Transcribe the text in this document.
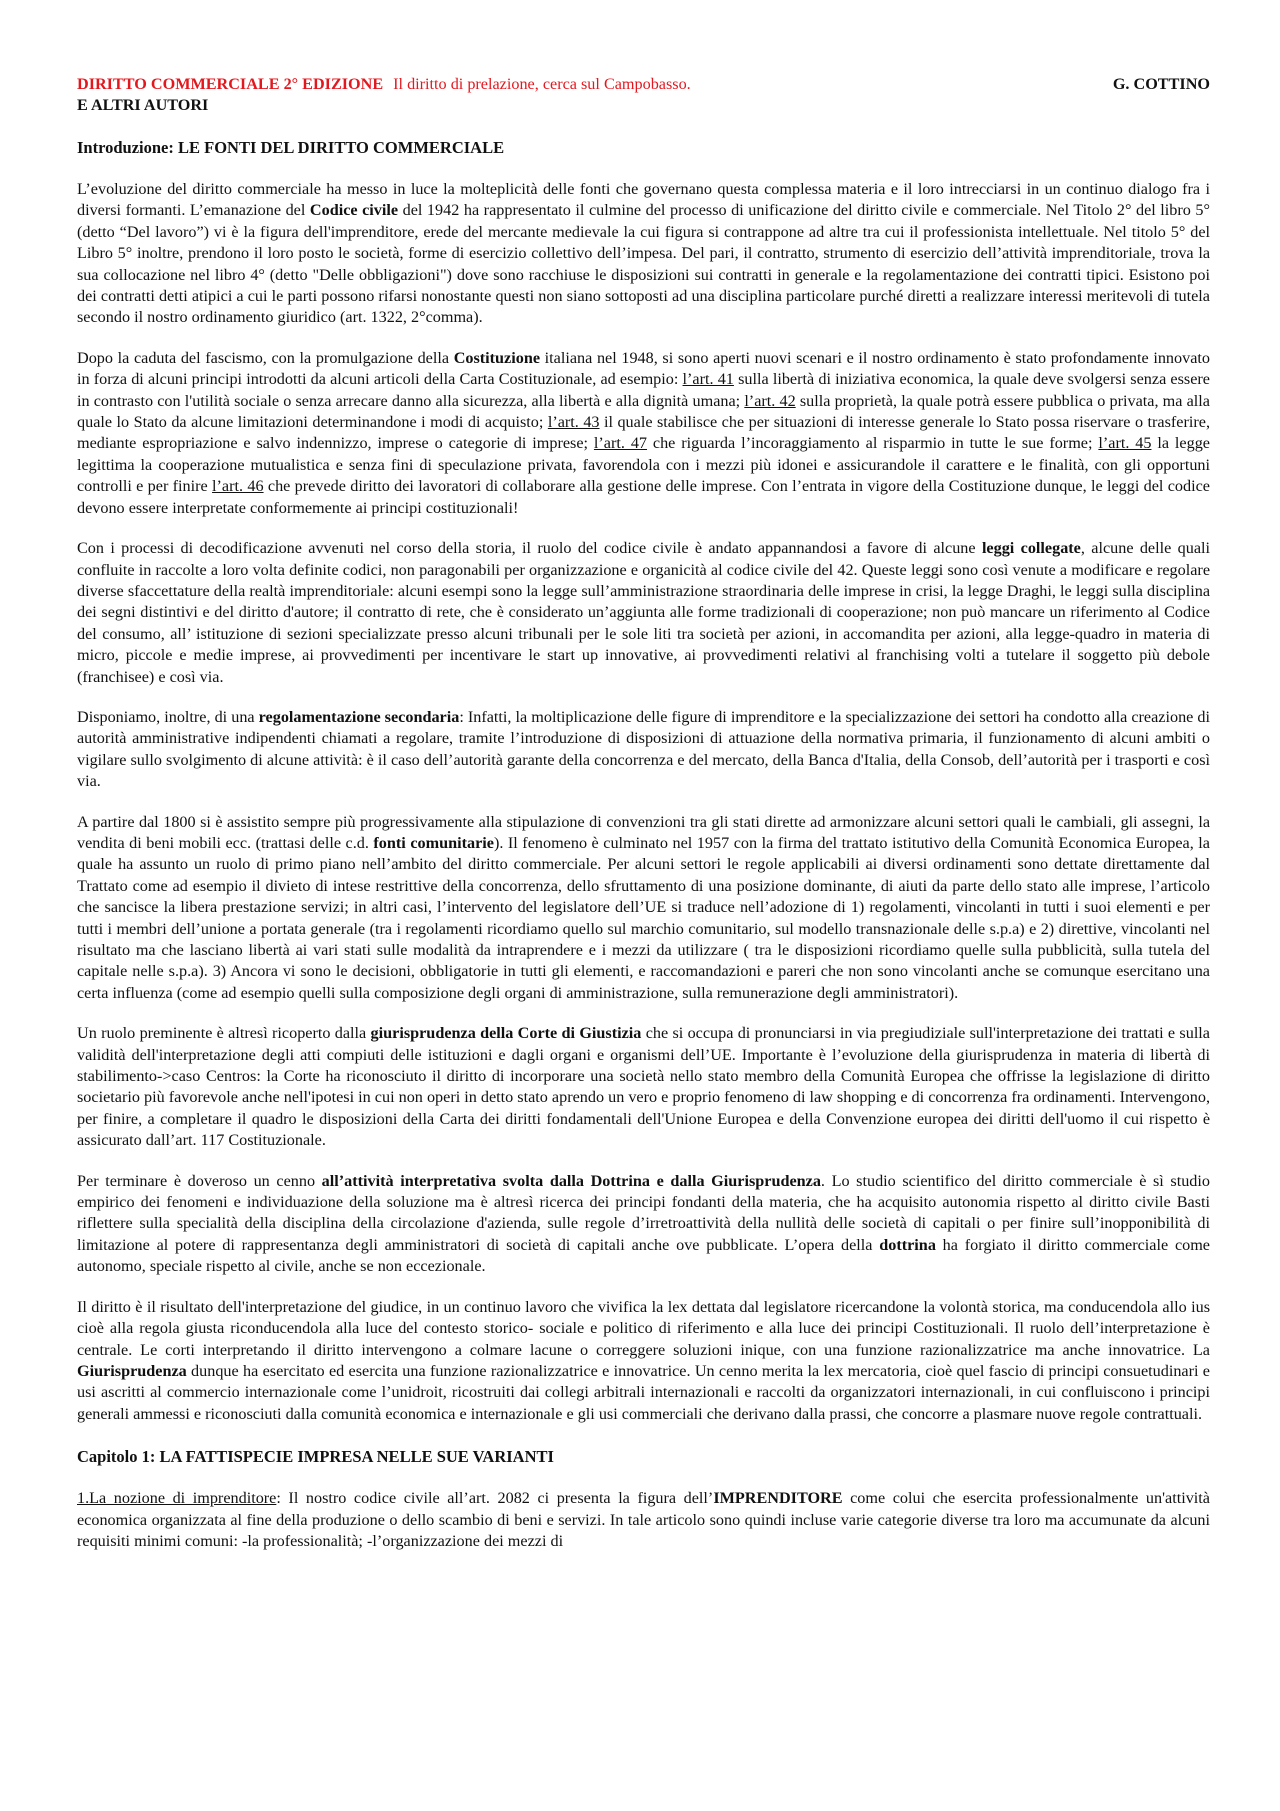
DIRITTO COMMERCIALE 2° EDIZIONE Il diritto di prelazione, cerca sul Campobasso.	G. COTTINO
E ALTRI AUTORI
Introduzione: LE FONTI DEL DIRITTO COMMERCIALE

L’evoluzione del diritto commerciale ha messo in luce la molteplicità delle fonti che governano questa complessa materia e il loro intrecciarsi in un continuo dialogo fra i diversi formanti. L’emanazione del Codice civile del 1942 ha rappresentato il culmine del processo di unificazione del diritto civile e commerciale. Nel Titolo 2° del libro 5° (detto “Del lavoro”) vi è la figura dell'imprenditore, erede del mercante medievale la cui figura si contrappone ad altre tra cui il professionista intellettuale. Nel titolo 5° del Libro 5° inoltre, prendono il loro posto le società, forme di esercizio collettivo dell’impesa. Del pari, il contratto, strumento di esercizio dell’attività imprenditoriale, trova la sua collocazione nel libro 4° (detto "Delle obbligazioni") dove sono racchiuse le disposizioni sui contratti in generale e la regolamentazione dei contratti tipici. Esistono poi dei contratti detti atipici a cui le parti possono rifarsi nonostante questi non siano sottoposti ad una disciplina particolare purché diretti a realizzare interessi meritevoli di tutela secondo il nostro ordinamento giuridico (art. 1322, 2°comma).

Dopo la caduta del fascismo, con la promulgazione della Costituzione italiana nel 1948, si sono aperti nuovi scenari e il nostro ordinamento è stato profondamente innovato in forza di alcuni principi introdotti da alcuni articoli della Carta Costituzionale, ad esempio: l’art. 41 sulla libertà di iniziativa economica, la quale deve svolgersi senza essere in contrasto con l'utilità sociale o senza arrecare danno alla sicurezza, alla libertà e alla dignità umana; l’art. 42 sulla proprietà, la quale potrà essere pubblica o privata, ma alla quale lo Stato da alcune limitazioni determinandone i modi di acquisto; l’art. 43 il quale stabilisce che per situazioni di interesse generale lo Stato possa riservare o trasferire, mediante espropriazione e salvo indennizzo, imprese o categorie di imprese; l’art. 47 che riguarda l’incoraggiamento al risparmio in tutte le sue forme; l’art. 45 la legge legittima la cooperazione mutualistica e senza fini di speculazione privata, favorendola con i mezzi più idonei e assicurandole il carattere e le finalità, con gli opportuni controlli e per finire l’art. 46 che prevede diritto dei lavoratori di collaborare alla gestione delle imprese. Con l’entrata in vigore della Costituzione dunque, le leggi del codice devono essere interpretate conformemente ai principi costituzionali!

Con i processi di decodificazione avvenuti nel corso della storia, il ruolo del codice civile è andato appannandosi a favore di alcune leggi collegate, alcune delle quali confluite in raccolte a loro volta definite codici, non paragonabili per organizzazione e organicità al codice civile del 42. Queste leggi sono così venute a modificare e regolare diverse sfaccettature della realtà imprenditoriale: alcuni esempi sono la legge sull’amministrazione straordinaria delle imprese in crisi, la legge Draghi, le leggi sulla disciplina dei segni distintivi e del diritto d'autore; il contratto di rete, che è considerato un’aggiunta alle forme tradizionali di cooperazione; non può mancare un riferimento al Codice del consumo, all’ istituzione di sezioni specializzate presso alcuni tribunali per le sole liti tra società per azioni, in accomandita per azioni, alla legge-quadro in materia di micro, piccole e medie imprese, ai provvedimenti per incentivare le start up innovative, ai provvedimenti relativi al franchising volti a tutelare il soggetto più debole (franchisee) e così via.

Disponiamo, inoltre, di una regolamentazione secondaria: Infatti, la moltiplicazione delle figure di imprenditore e la specializzazione dei settori ha condotto alla creazione di autorità amministrative indipendenti chiamati a regolare, tramite l’introduzione di disposizioni di attuazione della normativa primaria, il funzionamento di alcuni ambiti o vigilare sullo svolgimento di alcune attività: è il caso dell’autorità garante della concorrenza e del mercato, della Banca d'Italia, della Consob, dell’autorità per i trasporti e così via.

A partire dal 1800 si è assistito sempre più progressivamente alla stipulazione di convenzioni tra gli stati dirette ad armonizzare alcuni settori quali le cambiali, gli assegni, la vendita di beni mobili ecc. (trattasi delle c.d. fonti comunitarie). Il fenomeno è culminato nel 1957 con la firma del trattato istitutivo della Comunità Economica Europea, la quale ha assunto un ruolo di primo piano nell’ambito del diritto commerciale. Per alcuni settori le regole applicabili ai diversi ordinamenti sono dettate direttamente dal Trattato come ad esempio il divieto di intese restrittive della concorrenza, dello sfruttamento di una posizione dominante, di aiuti da parte dello stato alle imprese, l’articolo che sancisce la libera prestazione servizi; in altri casi, l’intervento del legislatore dell’UE si traduce nell’adozione di 1) regolamenti, vincolanti in tutti i suoi elementi e per tutti i membri dell’unione a portata generale (tra i regolamenti ricordiamo quello sul marchio comunitario, sul modello transnazionale delle s.p.a) e 2) direttive, vincolanti nel risultato ma che lasciano libertà ai vari stati sulle modalità da intraprendere e i mezzi da utilizzare ( tra le disposizioni ricordiamo quelle sulla pubblicità, sulla tutela del capitale nelle s.p.a). 3) Ancora vi sono le decisioni, obbligatorie in tutti gli elementi, e raccomandazioni e pareri che non sono vincolanti anche se comunque esercitano una certa influenza (come ad esempio quelli sulla composizione degli organi di amministrazione, sulla remunerazione degli amministratori).

Un ruolo preminente è altresì ricoperto dalla giurisprudenza della Corte di Giustizia che si occupa di pronunciarsi in via pregiudiziale sull'interpretazione dei trattati e sulla validità dell'interpretazione degli atti compiuti delle istituzioni e dagli organi e organismi dell’UE. Importante è l’evoluzione della giurisprudenza in materia di libertà di stabilimento->caso Centros: la Corte ha riconosciuto il diritto di incorporare una società nello stato membro della Comunità Europea che offrisse la legislazione di diritto societario più favorevole anche nell'ipotesi in cui non operi in detto stato aprendo un vero e proprio fenomeno di law shopping e di concorrenza fra ordinamenti. Intervengono, per finire, a completare il quadro le disposizioni della Carta dei diritti fondamentali dell'Unione Europea e della Convenzione europea dei diritti dell'uomo il cui rispetto è assicurato dall’art. 117 Costituzionale.

Per terminare è doveroso un cenno all’attività interpretativa svolta dalla Dottrina e dalla Giurisprudenza. Lo studio scientifico del diritto commerciale è sì studio empirico dei fenomeni e individuazione della soluzione ma è altresì ricerca dei principi fondanti della materia, che ha acquisito autonomia rispetto al diritto civile Basti riflettere sulla specialità della disciplina della circolazione d'azienda, sulle regole d’irretroattività della nullità delle società di capitali o per finire sull’inopponibilità di limitazione al potere di rappresentanza degli amministratori di società di capitali anche ove pubblicate. L’opera della dottrina ha forgiato il diritto commerciale come autonomo, speciale rispetto al civile, anche se non eccezionale.

Il diritto è il risultato dell'interpretazione del giudice, in un continuo lavoro che vivifica la lex dettata dal legislatore ricercandone la volontà storica, ma conducendola allo ius cioè alla regola giusta riconducendola alla luce del contesto storico- sociale e politico di riferimento e alla luce dei principi Costituzionali. Il ruolo dell’interpretazione è centrale. Le corti interpretando il diritto intervengono a colmare lacune o correggere soluzioni inique, con una funzione razionalizzatrice ma anche innovatrice. La Giurisprudenza dunque ha esercitato ed esercita una funzione razionalizzatrice e innovatrice. Un cenno merita la lex mercatoria, cioè quel fascio di principi consuetudinari e usi ascritti al commercio internazionale come l’unidroit, ricostruiti dai collegi arbitrali internazionali e raccolti da organizzatori internazionali, in cui confluiscono i principi generali ammessi e riconosciuti dalla comunità economica e internazionale e gli usi commerciali che derivano dalla prassi, che concorre a plasmare nuove regole contrattuali.

Capitolo 1: LA FATTISPECIE IMPRESA NELLE SUE VARIANTI

1.La nozione di imprenditore: Il nostro codice civile all’art. 2082 ci presenta la figura dell’IMPRENDITORE come colui che esercita professionalmente un'attività economica organizzata al fine della produzione o dello scambio di beni e servizi. In tale articolo sono quindi incluse varie categorie diverse tra loro ma accumunate da alcuni requisiti minimi comuni: -la professionalità; -l’organizzazione dei mezzi di
